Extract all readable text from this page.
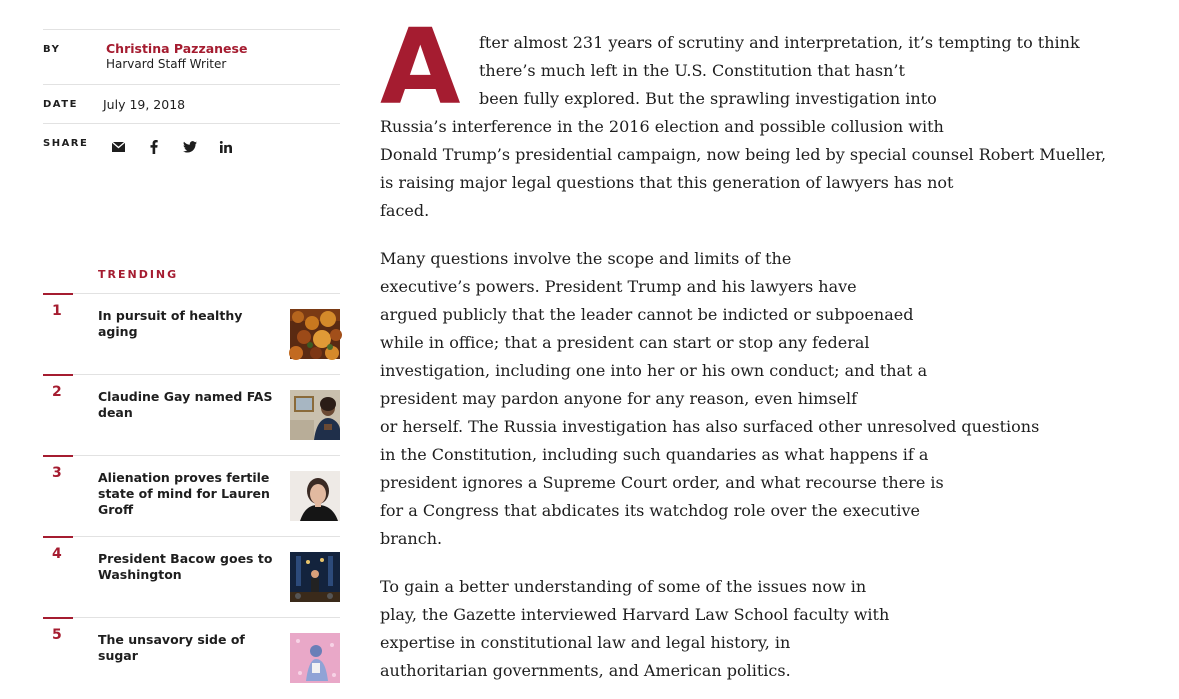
BY	Christina Pazzanese
Harvard Staff Writer
DATE July 19, 2018
SHARE
TRENDING
1	In pursuit of healthy aging
2	Claudine Gay named FAS dean
3	Alienation proves fertile state of mind for Lauren Groff
4	President Bacow goes to Washington
5	The unsavory side of sugar
A fter almost 231 years of scrutiny and interpretation, it’s tempting to think

there’s much left in the U.S. Constitution that hasn’t

been fully explored. But the sprawling investigation into

Russia’s interference in the 2016 election and possible collusion with

Donald Trump’s presidential campaign, now being led by special counsel Robert Mueller,

is raising major legal questions that this generation of lawyers has not

faced.

Many questions involve the scope and limits of the

executive’s powers. President Trump and his lawyers have

argued publicly that the leader cannot be indicted or subpoenaed

while in office; that a president can start or stop any federal

investigation, including one into her or his own conduct; and that a

president may pardon anyone for any reason, even himself

or herself. The Russia investigation has also surfaced other unresolved questions

in the Constitution, including such quandaries as what happens if a

president ignores a Supreme Court order, and what recourse there is

for a Congress that abdicates its watchdog role over the executive

branch.

To gain a better understanding of some of the issues now in

play, the Gazette interviewed Harvard Law School faculty with

expertise in constitutional law and legal history, in

authoritarian governments, and American politics.
